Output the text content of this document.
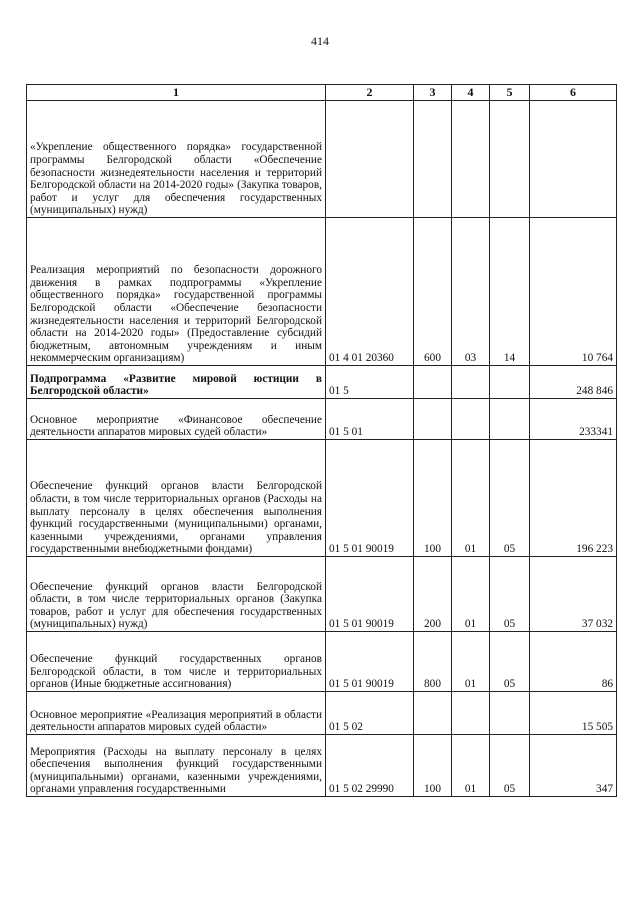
414
1	2	3	4	5	6
«Укрепление общественного порядка» государственной программы Белгородской области «Обеспечение безопасности жизнедеятельности населения и территорий Белгородской области на 2014-2020 годы» (Закупка товаров, работ и услуг для обеспечения государственных (муниципальных) нужд)					
Реализация мероприятий по безопасности дорожного движения в рамках подпрограммы «Укрепление общественного порядка» государственной программы Белгородской области «Обеспечение безопасности жизнедеятельности населения и территорий Белгородской области на 2014-2020 годы» (Предоставление субсидий бюджетным, автономным учреждениям и иным некоммерческим организациям)	01 4 01 20360	600	03	14	10 764
Подпрограмма «Развитие мировой юстиции в Белгородской области»	01 5				248 846
Основное мероприятие «Финансовое обеспечение деятельности аппаратов мировых судей области»	01 5 01				233341
Обеспечение функций органов власти Белгородской области, в том числе территориальных органов (Расходы на выплату персоналу в целях обеспечения выполнения функций государственными (муниципальными) органами, казенными учреждениями, органами управления государственными внебюджетными фондами)	01 5 01 90019	100	01	05	196 223
Обеспечение функций органов власти Белгородской области, в том числе территориальных органов (Закупка товаров, работ и услуг для обеспечения государственных (муниципальных) нужд)	01 5 01 90019	200	01	05	37 032
Обеспечение функций государственных органов Белгородской области, в том числе и территориальных органов (Иные бюджетные ассигнования)	01 5 01 90019	800	01	05	86
Основное мероприятие «Реализация мероприятий в области деятельности аппаратов мировых судей области»	01 5 02				15 505
Мероприятия (Расходы на выплату персоналу в целях обеспечения выполнения функций государственными (муниципальными) органами, казенными учреждениями, органами управления государственными	01 5 02 29990	100	01	05	347
